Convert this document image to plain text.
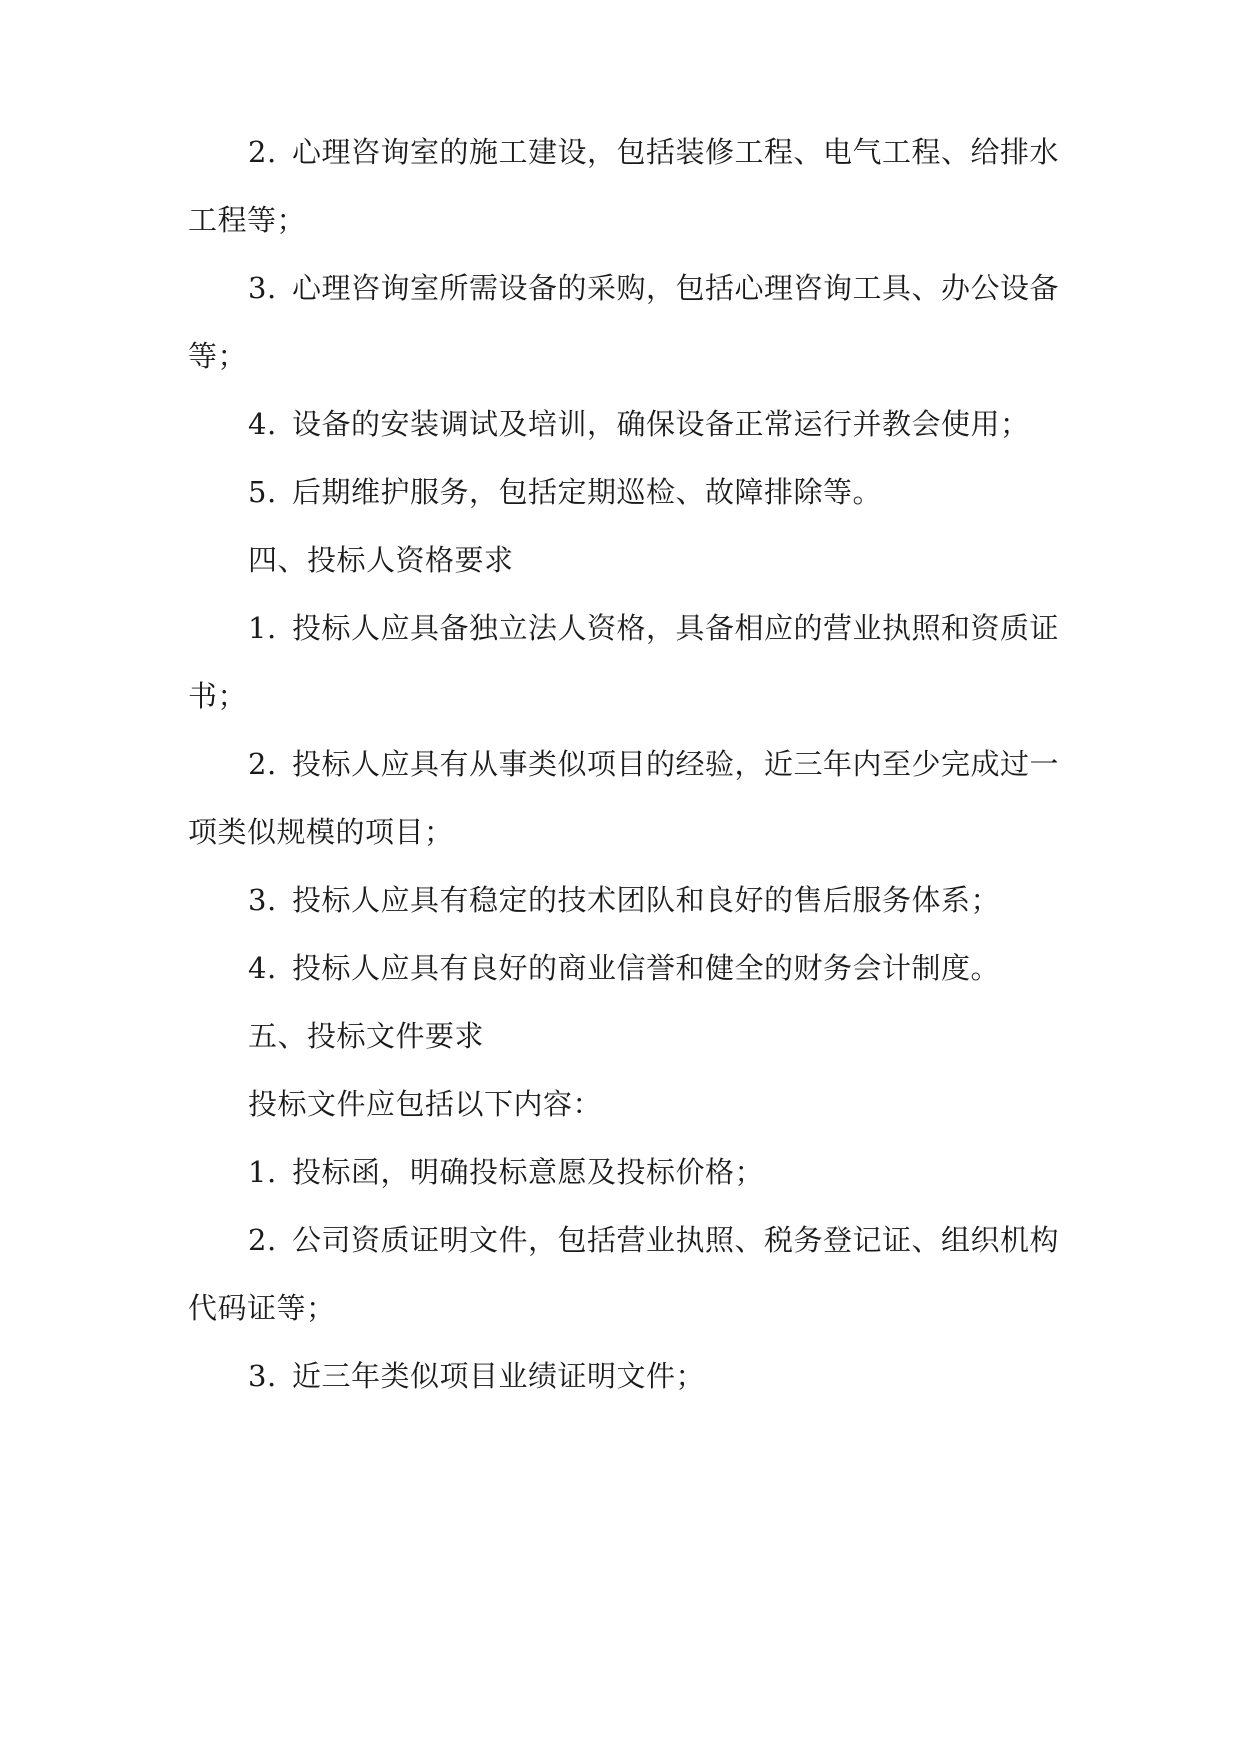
2. 心理咨询室的施工建设，包括装修工程、电气工程、给排水
工程等；
3. 心理咨询室所需设备的采购，包括心理咨询工具、办公设备
等；
4. 设备的安装调试及培训，确保设备正常运行并教会使用；
5. 后期维护服务，包括定期巡检、故障排除等。
四、投标人资格要求
1. 投标人应具备独立法人资格，具备相应的营业执照和资质证
书；
2. 投标人应具有从事类似项目的经验，近三年内至少完成过一
项类似规模的项目；
3. 投标人应具有稳定的技术团队和良好的售后服务体系；
4. 投标人应具有良好的商业信誉和健全的财务会计制度。
五、投标文件要求
投标文件应包括以下内容：
1. 投标函，明确投标意愿及投标价格；
2. 公司资质证明文件，包括营业执照、税务登记证、组织机构
代码证等；
3. 近三年类似项目业绩证明文件；
